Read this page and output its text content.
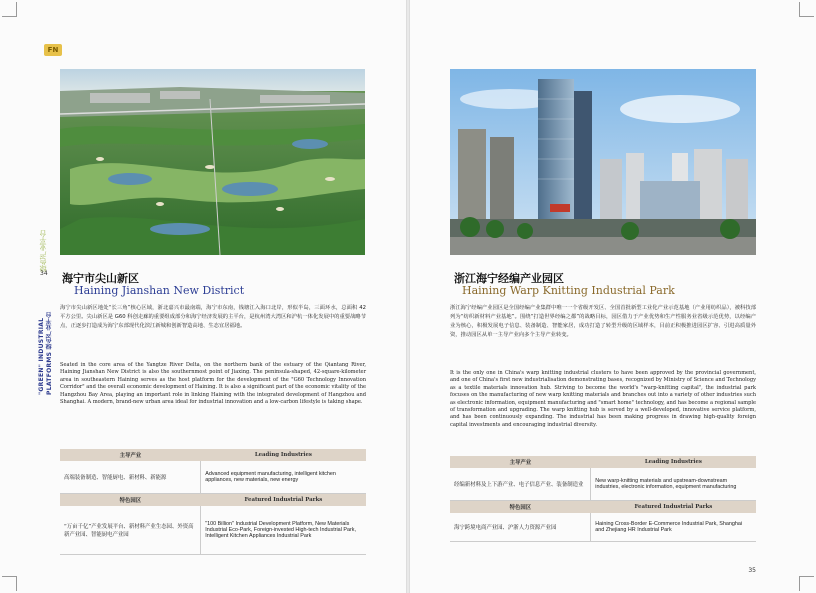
FN
绿色产业平台
34
"GREEN" INDUSTRIAL PLATFORMS 绿色产业平台
海宁市尖山新区
Haining Jianshan New District
海宁市尖山新区地处“长三角”核心区域，浙北嘉兴市最南端，海宁市东南，钱塘江入海口北岸，形似半岛，三面环水，总面积 42 平方公里。尖山新区是 G60 科创走廊的重要组成部分和海宁经济发展的主平台，是杭州湾大湾区和沪杭一体化发展中的重要战略节点，正逐步打造成为海宁东部现代化滨江新城和创新智造高地、生态宜居福地。
Seated in the core area of the Yangtze River Delta, on the northern bank of the estuary of the Qiantang River, Haining Jianshan New District is also the southernmost point of Jiaxing. The peninsula-shaped, 42-square-kilometer area in southeastern Haining serves as the host platform for the development of the "G60 Technology Innovation Corridor" and the overall economic development of Haining. It is also a significant part of the economic vitality of the Hangzhou Bay Area, playing an important role in linking Haining with the integrated development of Hangzhou and Shanghai. A modern, brand-new urban area ideal for industrial innovation and a low-carbon lifestyle is taking shape.
主导产业	Leading Industries
高端装备制造、智能厨电、新材料、新能源	Advanced equipment manufacturing, intelligent kitchen appliances, new materials, new energy
特色园区	Featured Industrial Parks
“万亩千亿”产业发展平台、新材料产业生态园、外资高新产业园、智能厨电产业园	"100 Billion" Industrial Development Platform, New Materials Industrial Eco-Park, Foreign-invested High-tech Industrial Park, Intelligent Kitchen Appliances Industrial Park
浙江海宁经编产业园区
Haining Warp Knitting Industrial Park
浙江海宁经编产业园区是全国经编产业集群中唯一一个省级开发区、全国首批新型工业化产业示范基地（产业用纺织品），被科技部列为“纺织新材料产业基地”。围绕“打造世界经编之都”的战略目标，园区借力于产业优势和生产性服务业省级示范优势，以经编产业为核心，积极发展电子信息、装备制造、智能家居，成功打造了转型升级的区域样本，目前正积极推进园区扩容、引进高质量外资，推动园区从单一主导产业向多个主导产业转变。
It is the only one in China's warp knitting industrial clusters to have been approved by the provincial government, and one of China's first new industrialisation demonstrating bases, recognized by Ministry of Science and Technology as a textile materials innovation hub. Striving to become the world's "warp-knitting capital", the industrial park focuses on the manufacturing of new warp knitting materials and branches out into a variety of other industries such as electronic information, equipment manufacturing and "smart home" technology, and has become a regional sample of transformation and upgrading. The warp knitting hub is served by a well-developed, innovative service platform, and has been continuously expanding. The industrial has been making progress in drawing high-quality foreign capital investments and encouraging industrial diversity.
主导产业	Leading Industries
经编新材料及上下游产业、电子信息产业、装备制造业	New warp-knitting materials and upstream-downstream industries, electronic information, equipment manufacturing
特色园区	Featured Industrial Parks
海宁跨境电商产业园、沪浙人力资源产业园	Haining Cross-Border E-Commerce Industrial Park, Shanghai and Zhejiang HR Industrial Park
35
